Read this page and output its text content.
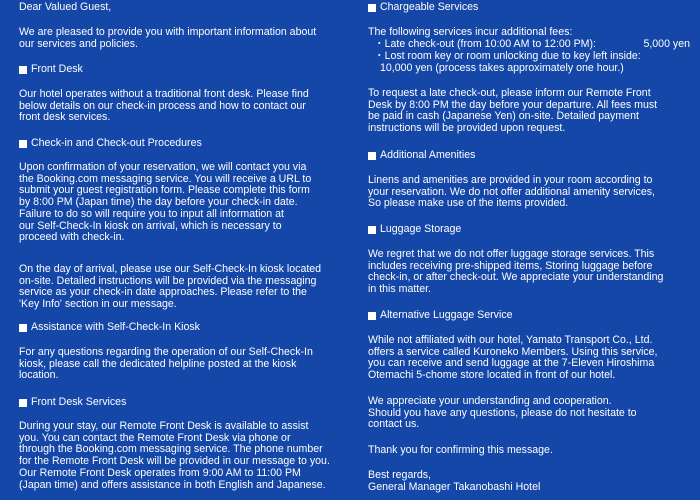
Dear Valued Guest,

We are pleased to provide you with important information about
our services and policies.

Front Desk

Our hotel operates without a traditional front desk. Please find
below details on our check-in process and how to contact our
front desk services.

Check-in and Check-out Procedures

Upon confirmation of your reservation, we will contact you via
the Booking.com messaging service. You will receive a URL to
submit your guest registration form. Please complete this form
by 8:00 PM (Japan time) the day before your check-in date.
Failure to do so will require you to input all information at
our Self-Check-In kiosk on arrival, which is necessary to
proceed with check-in.

On the day of arrival, please use our Self-Check-In kiosk located
on-site. Detailed instructions will be provided via the messaging
service as your check-in date approaches. Please refer to the
'Key Info' section in our message.

Assistance with Self-Check-In Kiosk

For any questions regarding the operation of our Self-Check-In
kiosk, please call the dedicated helpline posted at the kiosk
location.

Front Desk Services

During your stay, our Remote Front Desk is available to assist
you. You can contact the Remote Front Desk via phone or
through the Booking.com messaging service. The phone number
for the Remote Front Desk will be provided in our message to you.
Our Remote Front Desk operates from 9:00 AM to 11:00 PM
(Japan time) and offers assistance in both English and Japanese.

Chargeable Services

The following services incur additional fees:

・Late check-out (from 10:00 AM to 12:00 PM):	5,000 yen

・Lost room key or room unlocking due to key left inside:

10,000 yen (process takes approximately one hour.)

To request a late check-out, please inform our Remote Front
Desk by 8:00 PM the day before your departure. All fees must
be paid in cash (Japanese Yen) on-site. Detailed payment
instructions will be provided upon request.

Additional Amenities

Linens and amenities are provided in your room according to
your reservation. We do not offer additional amenity services,
So please make use of the items provided.

Luggage Storage

We regret that we do not offer luggage storage services. This
includes receiving pre-shipped items, Storing luggage before
check-in, or after check-out. We appreciate your understanding
in this matter.

Alternative Luggage Service

While not affiliated with our hotel, Yamato Transport Co., Ltd.
offers a service called Kuroneko Members. Using this service,
you can receive and send luggage at the 7-Eleven Hiroshima
Otemachi 5-chome store located in front of our hotel.

We appreciate your understanding and cooperation.
Should you have any questions, please do not hesitate to
contact us.

Thank you for confirming this message.

Best regards,
General Manager Takanobashi Hotel
